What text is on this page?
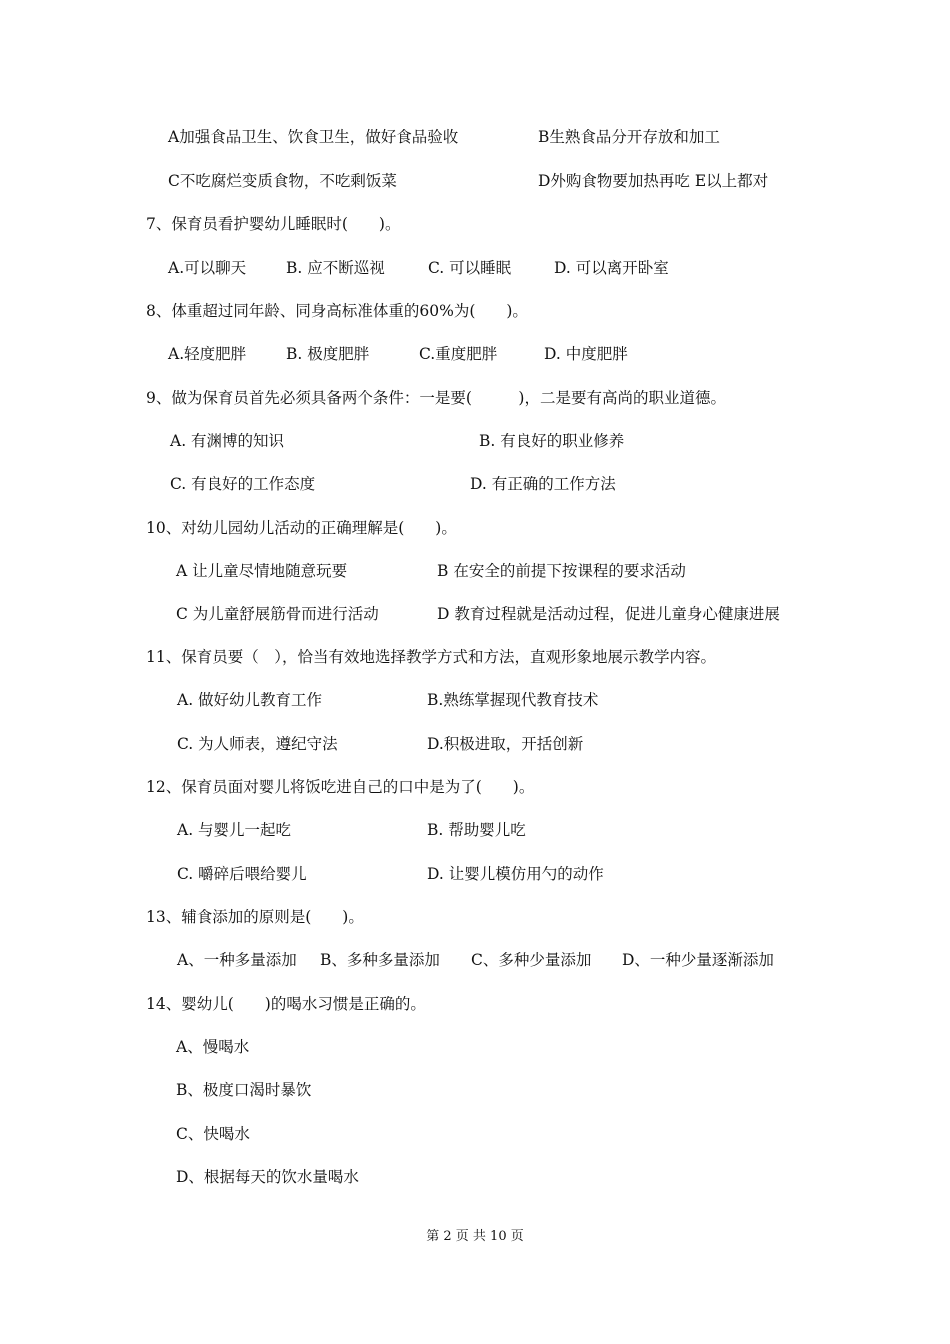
A加强食品卫生、饮食卫生，做好食品验收	B生熟食品分开存放和加工
C不吃腐烂变质食物，不吃剩饭菜	D外购食物要加热再吃 E以上都对
7、保育员看护婴幼儿睡眠时(　　)。
A.可以聊天	B. 应不断巡视	C. 可以睡眠	D. 可以离开卧室
8、体重超过同年龄、同身高标准体重的60%为(　　)。
A.轻度肥胖	B. 极度肥胖	C.重度肥胖	D. 中度肥胖
9、做为保育员首先必须具备两个条件：一是要(　　　)，二是要有高尚的职业道德。
A. 有渊博的知识	B. 有良好的职业修养
C. 有良好的工作态度	D. 有正确的工作方法
10、对幼儿园幼儿活动的正确理解是(　　)。
A 让儿童尽情地随意玩要	B 在安全的前提下按课程的要求活动
C 为儿童舒展筋骨而进行活动	D 教育过程就是活动过程，促进儿童身心健康进展
11、保育员要（　），恰当有效地选择教学方式和方法，直观形象地展示教学内容。
A. 做好幼儿教育工作	B.熟练掌握现代教育技术
C. 为人师表，遵纪守法	D.积极进取，开括创新
12、保育员面对婴儿将饭吃进自己的口中是为了(　　)。
A. 与婴儿一起吃	B. 帮助婴儿吃
C. 嚼碎后喂给婴儿	D. 让婴儿模仿用勺的动作
13、辅食添加的原则是(　　)。
A、一种多量添加 B、多种多量添加 C、多种少量添加 D、一种少量逐渐添加
14、婴幼儿(　　)的喝水习惯是正确的。
A、慢喝水
B、极度口渴时暴饮
C、快喝水
D、根据每天的饮水量喝水
第 2 页 共 10 页
